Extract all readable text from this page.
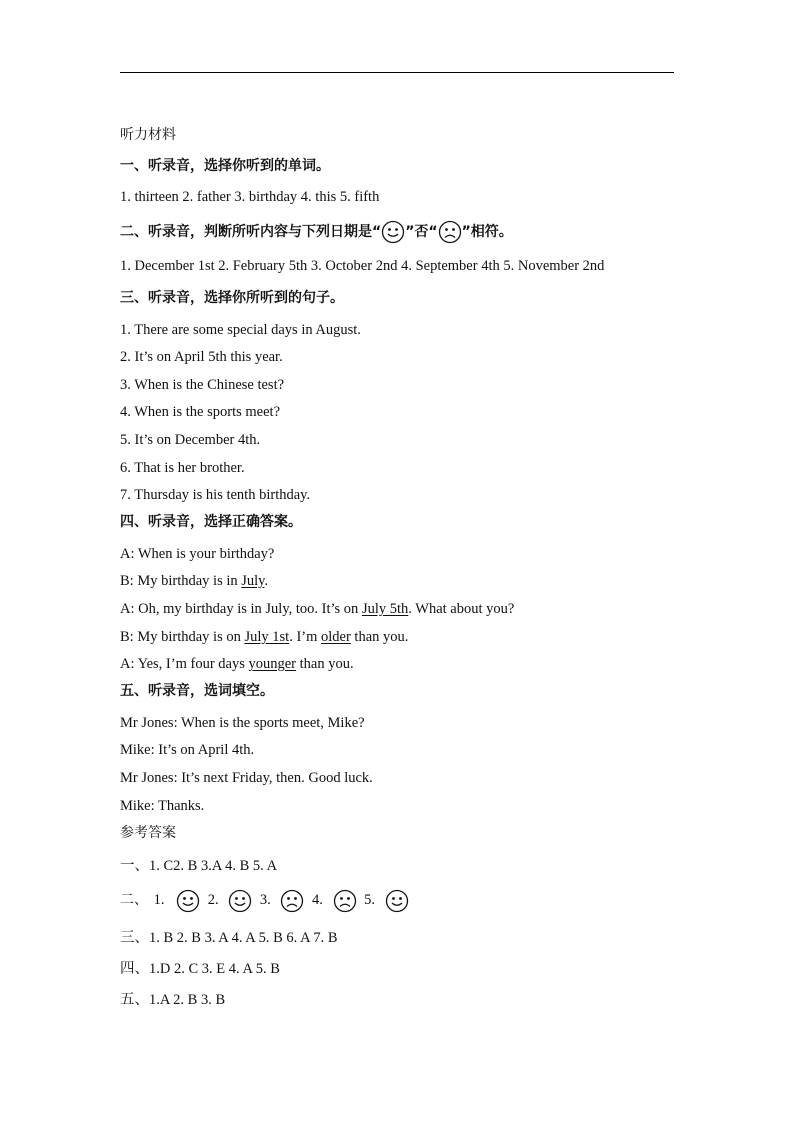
听力材料
一、听录音，选择你听到的单词。
1. thirteen 2. father 3. birthday 4. this 5. fifth
二、听录音，判断所听内容与下列日期是“ ”否“ ”相符。
1. December 1st 2. February 5th 3. October 2nd 4. September 4th 5. November 2nd
三、听录音，选择你所听到的句子。
1. There are some special days in August.
2. It’s on April 5th this year.
3. When is the Chinese test?
4. When is the sports meet?
5. It’s on December 4th.
6. That is her brother.
7. Thursday is his tenth birthday.
四、听录音，选择正确答案。
A: When is your birthday?
B: My birthday is in July.
A: Oh, my birthday is in July, too. It’s on July 5th. What about you?
B: My birthday is on July 1st. I’m older than you.
A: Yes, I’m four days younger than you.
五、听录音，选词填空。
Mr Jones: When is the sports meet, Mike?
Mike: It’s on April 4th.
Mr Jones: It’s next Friday, then. Good luck.
Mike: Thanks.
参考答案
一、1. C2. B 3.A 4. B 5. A
二、 1.	2.	3.	4.	5.
三、1. B 2. B 3. A 4. A 5. B 6. A 7. B
四、1.D 2. C 3. E 4. A 5. B
五、1.A 2. B 3. B
